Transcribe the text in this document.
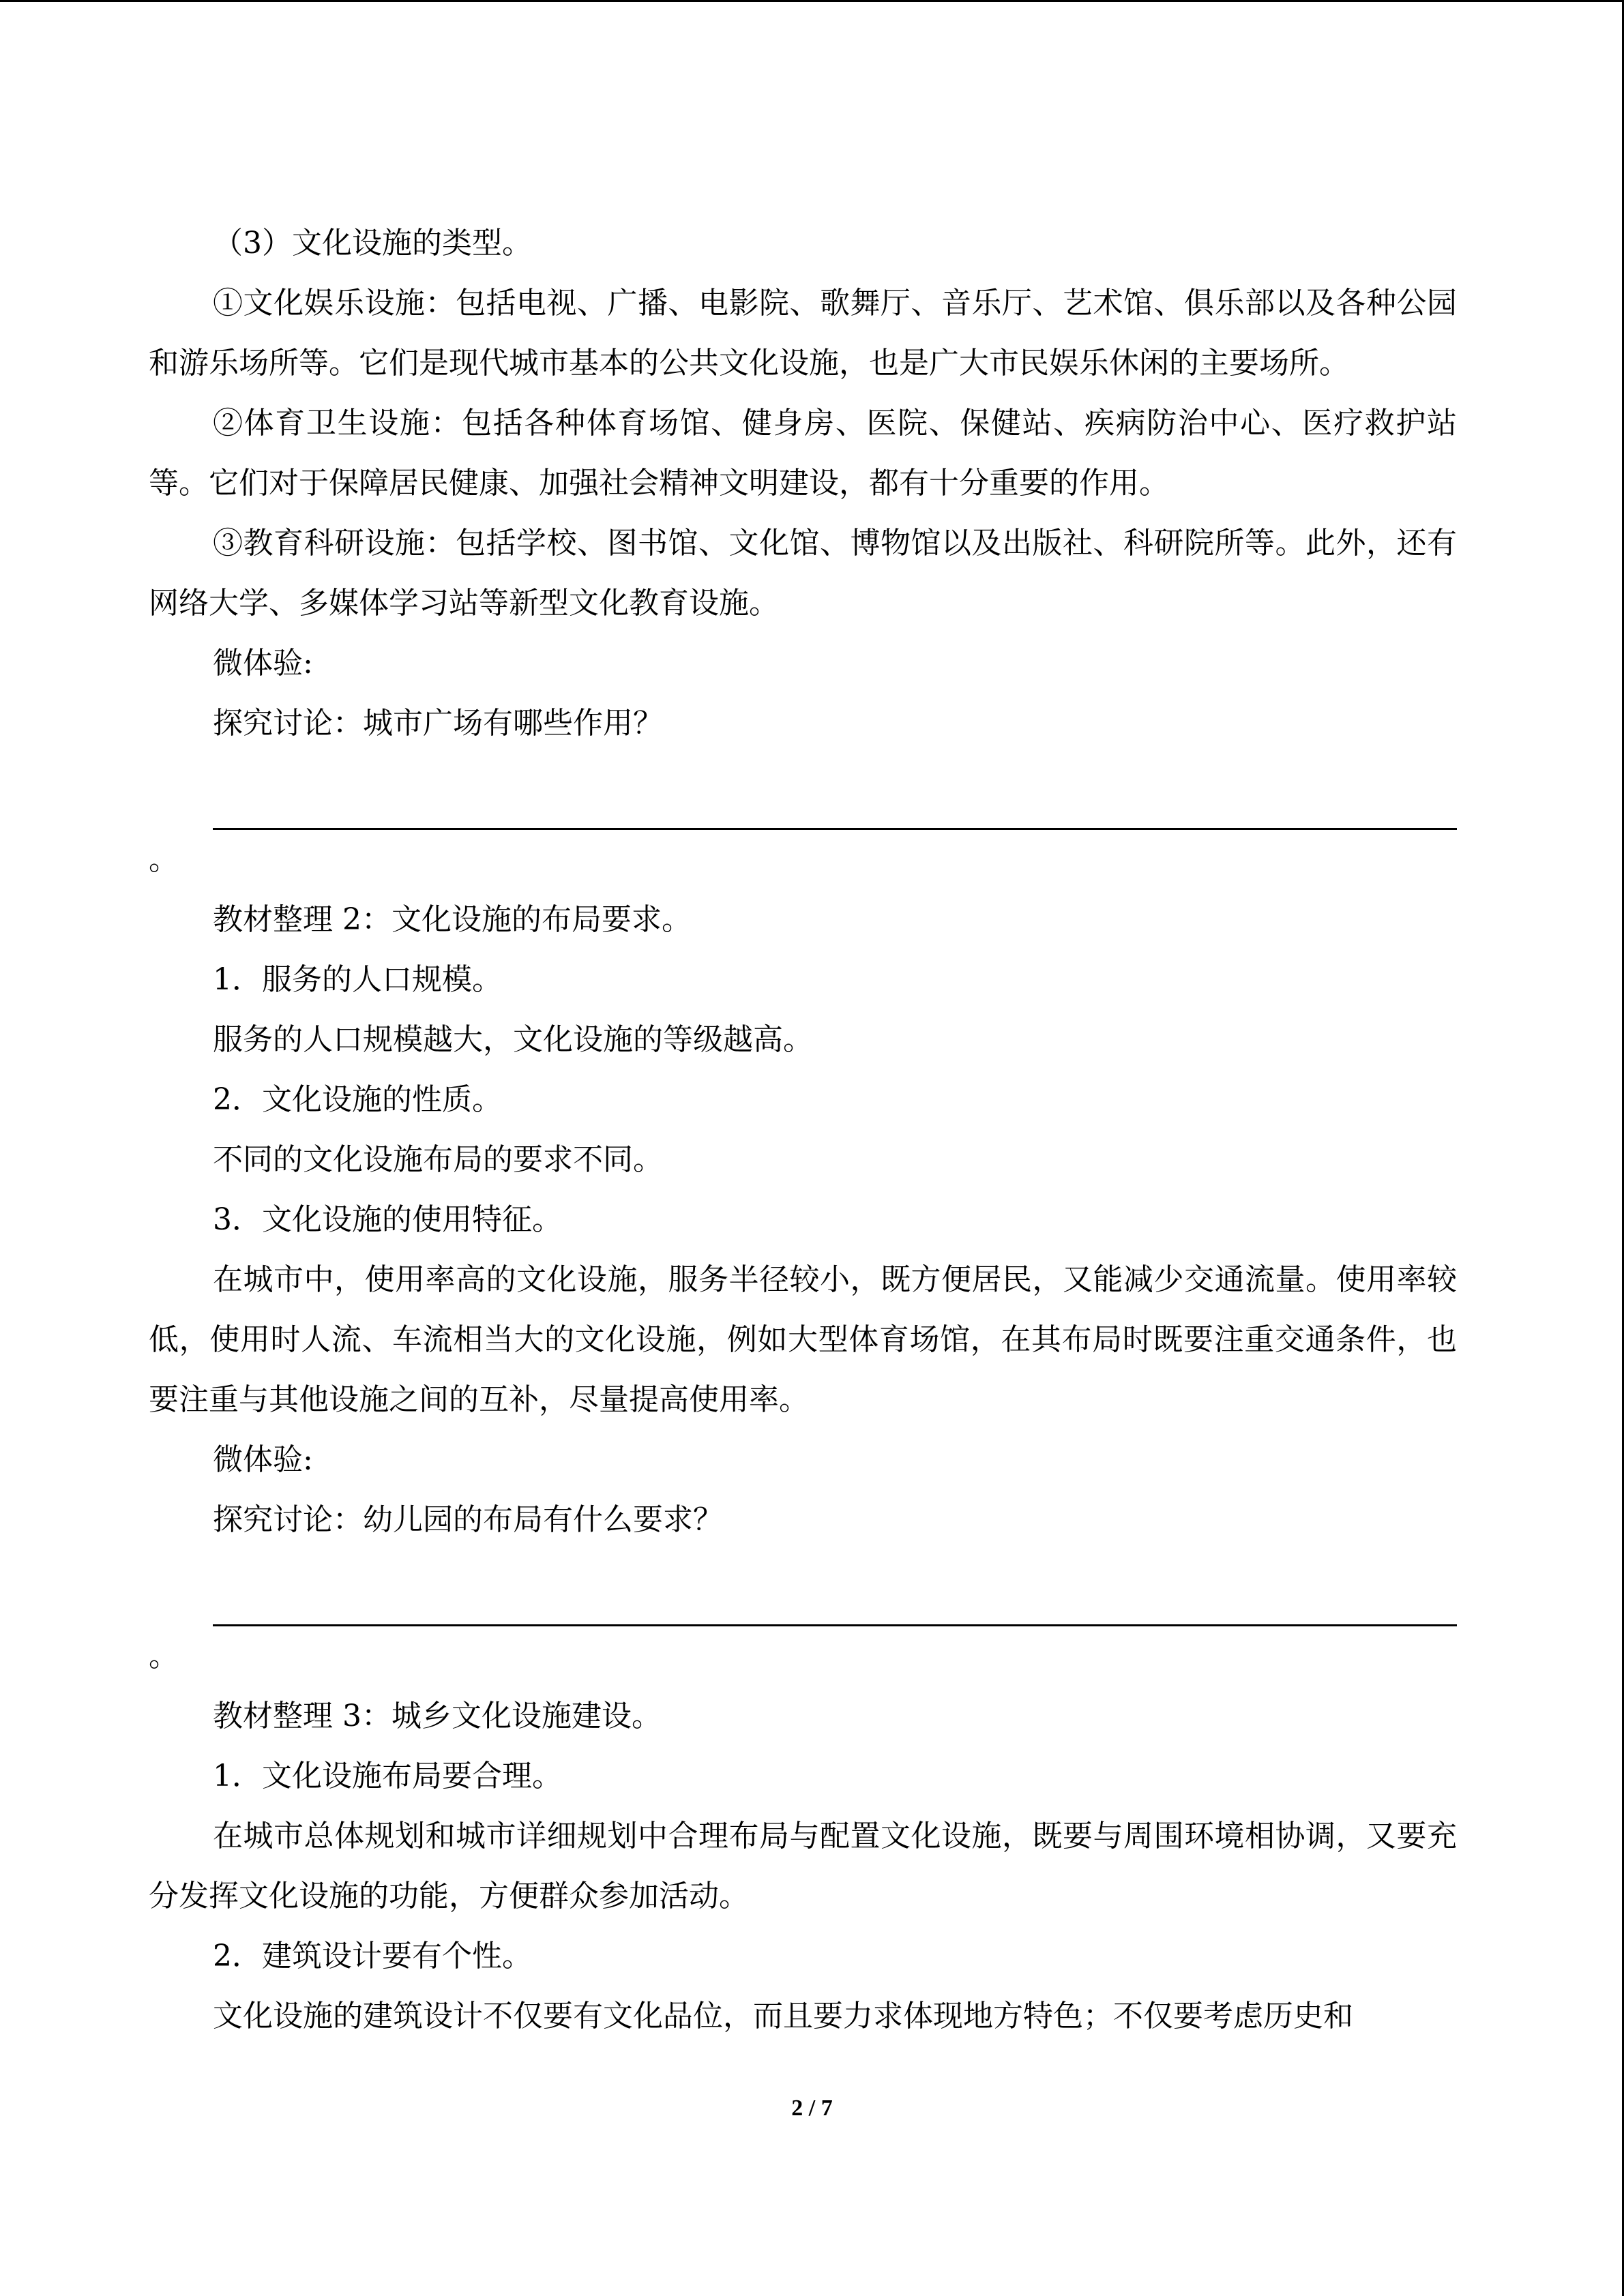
（3）文化设施的类型。
①文化娱乐设施：包括电视、广播、电影院、歌舞厅、音乐厅、艺术馆、俱乐部以及各种公园和游乐场所等。它们是现代城市基本的公共文化设施，也是广大市民娱乐休闲的主要场所。
②体育卫生设施：包括各种体育场馆、健身房、医院、保健站、疾病防治中心、医疗救护站等。它们对于保障居民健康、加强社会精神文明建设，都有十分重要的作用。
③教育科研设施：包括学校、图书馆、文化馆、博物馆以及出版社、科研院所等。此外，还有网络大学、多媒体学习站等新型文化教育设施。
微体验:
探究讨论：城市广场有哪些作用？
。
教材整理 2：文化设施的布局要求。
1．服务的人口规模。
服务的人口规模越大，文化设施的等级越高。
2．文化设施的性质。
不同的文化设施布局的要求不同。
3．文化设施的使用特征。
在城市中，使用率高的文化设施，服务半径较小，既方便居民，又能减少交通流量。使用率较低，使用时人流、车流相当大的文化设施，例如大型体育场馆，在其布局时既要注重交通条件，也要注重与其他设施之间的互补，尽量提高使用率。
微体验:
探究讨论：幼儿园的布局有什么要求？
。
教材整理 3：城乡文化设施建设。
1．文化设施布局要合理。
在城市总体规划和城市详细规划中合理布局与配置文化设施，既要与周围环境相协调，又要充分发挥文化设施的功能，方便群众参加活动。
2．建筑设计要有个性。
文化设施的建筑设计不仅要有文化品位，而且要力求体现地方特色；不仅要考虑历史和
2 / 7
